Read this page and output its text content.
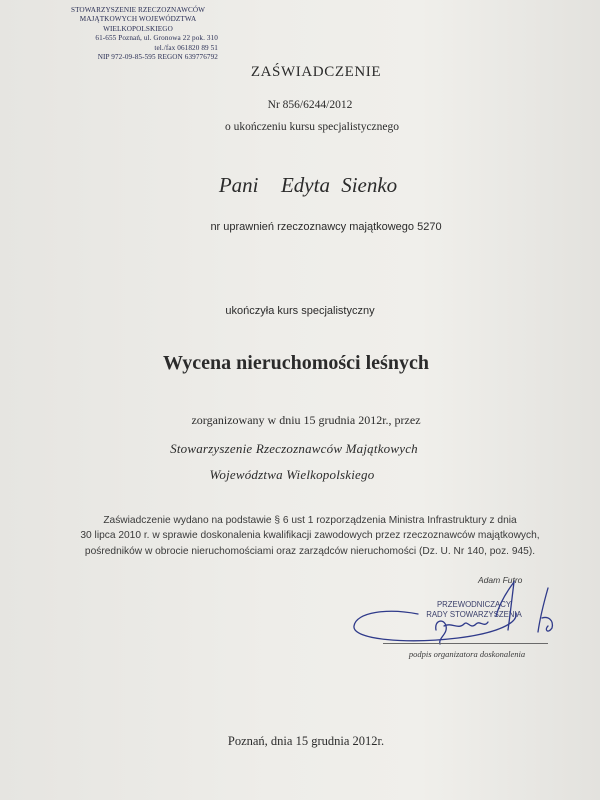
STOWARZYSZENIE RZECZOZNAWCÓW
MAJĄTKOWYCH WOJEWÓDZTWA
WIELKOPOLSKIEGO
61-655 Poznań, ul. Gronowa 22 pok. 310
tel./fax 061820 89 51
NIP 972-09-85-595 REGON 639776792
ZAŚWIADCZENIE
Nr 856/6244/2012
o ukończeniu kursu specjalistycznego
Pani  Edyta Sienko
nr uprawnień rzeczoznawcy majątkowego 5270
ukończyła kurs specjalistyczny
Wycena nieruchomości leśnych
zorganizowany w dniu 15 grudnia 2012r., przez
Stowarzyszenie Rzeczoznawców Majątkowych
Województwa Wielkopolskiego
Zaświadczenie wydano na podstawie § 6 ust 1 rozporządzenia Ministra Infrastruktury z dnia
30 lipca 2010 r. w sprawie doskonalenia kwalifikacji zawodowych przez rzeczoznawców majątkowych,
pośredników w obrocie nieruchomościami oraz zarządców nieruchomości (Dz. U. Nr 140, poz. 945).
Adam Futro
PRZEWODNICZĄCY
RADY STOWARZYSZENIA
podpis organizatora doskonalenia
Poznań, dnia 15 grudnia 2012r.
